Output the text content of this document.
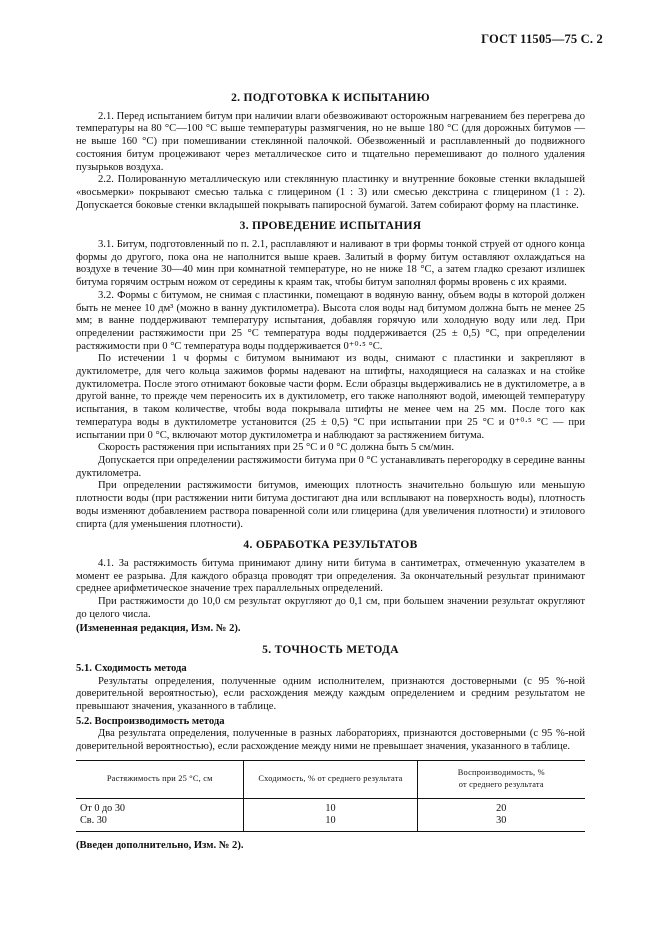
ГОСТ 11505—75 С. 2
2. ПОДГОТОВКА К ИСПЫТАНИЮ

2.1. Перед испытанием битум при наличии влаги обезвоживают осторожным нагреванием без перегрева до температуры на 80 °С—100 °С выше температуры размягчения, но не выше 180 °С (для дорожных битумов — не выше 160 °С) при помешивании стеклянной палочкой. Обезвоженный и расплавленный до подвижного состояния битум процеживают через металлическое сито и тщательно перемешивают до полного удаления пузырьков воздуха.

2.2. Полированную металлическую или стеклянную пластинку и внутренние боковые стенки вкладышей «восьмерки» покрывают смесью талька с глицерином (1 : 3) или смесью декстрина с глицерином (1 : 2). Допускается боковые стенки вкладышей покрывать папиросной бумагой. Затем собирают форму на пластинке.

3. ПРОВЕДЕНИЕ ИСПЫТАНИЯ

3.1. Битум, подготовленный по п. 2.1, расплавляют и наливают в три формы тонкой струей от одного конца формы до другого, пока она не наполнится выше краев. Залитый в форму битум оставляют охлаждаться на воздухе в течение 30—40 мин при комнатной температуре, но не ниже 18 °С, а затем гладко срезают излишек битума горячим острым ножом от середины к краям так, чтобы битум заполнял формы вровень с их краями.

3.2. Формы с битумом, не снимая с пластинки, помещают в водяную ванну, объем воды в которой должен быть не менее 10 дм³ (можно в ванну дуктилометра). Высота слоя воды над битумом должна быть не менее 25 мм; в ванне поддерживают температуру испытания, добавляя горячую или холодную воду или лед. При определении растяжимости при 25 °С температура воды поддерживается (25 ± 0,5) °С, при определении растяжимости при 0 °С температура воды поддерживается 0⁺⁰·⁵ °С.

По истечении 1 ч формы с битумом вынимают из воды, снимают с пластинки и закрепляют в дуктилометре, для чего кольца зажимов формы надевают на штифты, находящиеся на салазках и на стойке дуктилометра. После этого отнимают боковые части форм. Если образцы выдерживались не в дуктилометре, а в другой ванне, то прежде чем переносить их в дуктилометр, его также наполняют водой, имеющей температуру испытания, в таком количестве, чтобы вода покрывала штифты не менее чем на 25 мм. После того как температура воды в дуктилометре установится (25 ± 0,5) °С при испытании при 25 °С и 0⁺⁰·⁵ °С — при испытании при 0 °С, включают мотор дуктилометра и наблюдают за растяжением битума.

Скорость растяжения при испытаниях при 25 °С и 0 °С должна быть 5 см/мин.

Допускается при определении растяжимости битума при 0 °С устанавливать перегородку в середине ванны дуктилометра.

При определении растяжимости битумов, имеющих плотность значительно большую или меньшую плотности воды (при растяжении нити битума достигают дна или всплывают на поверхность воды), плотность воды изменяют добавлением раствора поваренной соли или глицерина (для увеличения плотности) и этилового спирта (для уменьшения плотности).

4. ОБРАБОТКА РЕЗУЛЬТАТОВ

4.1. За растяжимость битума принимают длину нити битума в сантиметрах, отмеченную указателем в момент ее разрыва. Для каждого образца проводят три определения. За окончательный результат принимают среднее арифметическое значение трех параллельных определений.

При растяжимости до 10,0 см результат округляют до 0,1 см, при большем значении результат округляют до целого числа.

(Измененная редакция, Изм. № 2).

5. ТОЧНОСТЬ МЕТОДА

5.1. Сходимость метода

Результаты определения, полученные одним исполнителем, признаются достоверными (с 95 %-ной доверительной вероятностью), если расхождения между каждым определением и средним результатом не превышают значения, указанного в таблице.

5.2. Воспроизводимость метода

Два результата определения, полученные в разных лабораториях, признаются достоверными (с 95 %-ной доверительной вероятностью), если расхождение между ними не превышает значения, указанного в таблице.

Растяжимость при 25 °С, см	Сходимость, % от среднего результата	Воспроизводимость, %
от среднего результата
От 0 до 30	10	20
Св. 30	10	30

(Введен дополнительно, Изм. № 2).
